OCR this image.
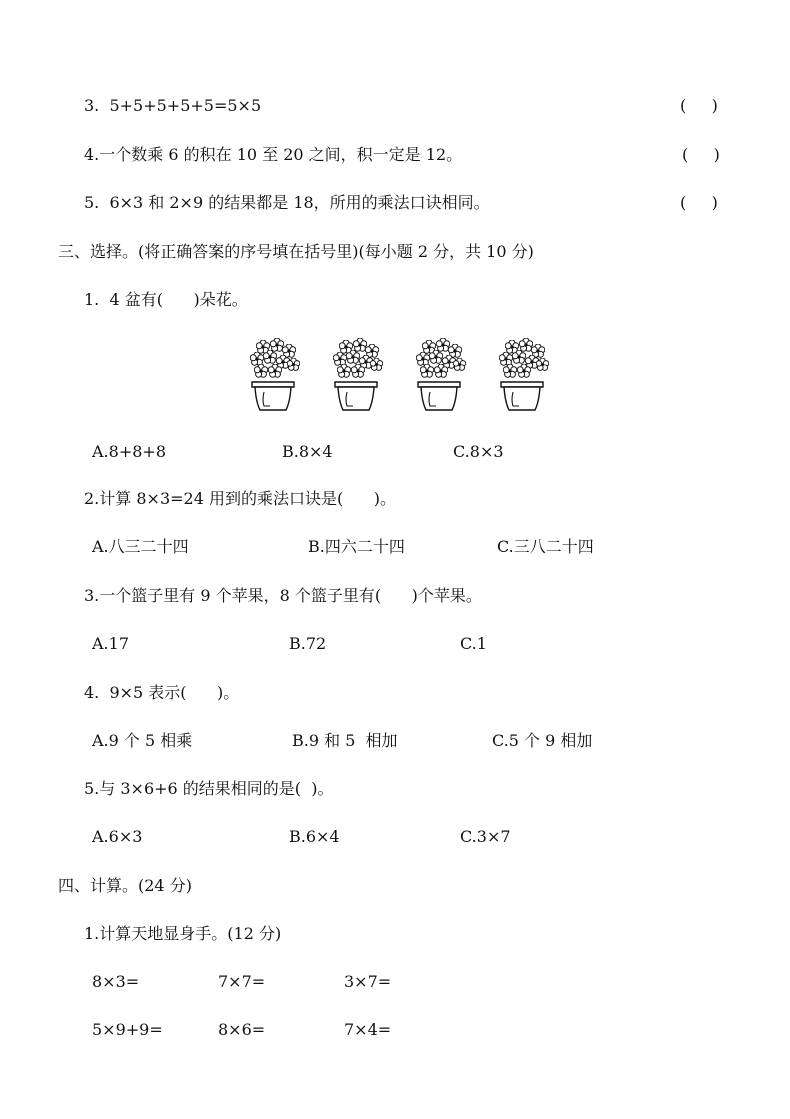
3.  5+5+5+5+5=5×5	(     )
4.一个数乘 6 的积在 10 至 20 之间，积一定是 12。	(     )
5.  6×3 和 2×9 的结果都是 18，所用的乘法口诀相同。	(     )
三、选择。(将正确答案的序号填在括号里)(每小题 2 分，共 10 分)
1.  4 盆有(      )朵花。
A.8+8+8	B.8×4	C.8×3
2.计算 8×3=24 用到的乘法口诀是(      )。
A.八三二十四	B.四六二十四	C.三八二十四
3.一个篮子里有 9 个苹果，8 个篮子里有(      )个苹果。
A.17	B.72	C.1
4.  9×5 表示(      )。
A.9 个 5 相乘	B.9 和 5  相加	C.5 个 9 相加
5.与 3×6+6 的结果相同的是(  )。
A.6×3	B.6×4	C.3×7
四、计算。(24 分)
1.计算天地显身手。(12 分)
8×3=	7×7=	3×7=
5×9+9=	8×6=	7×4=
